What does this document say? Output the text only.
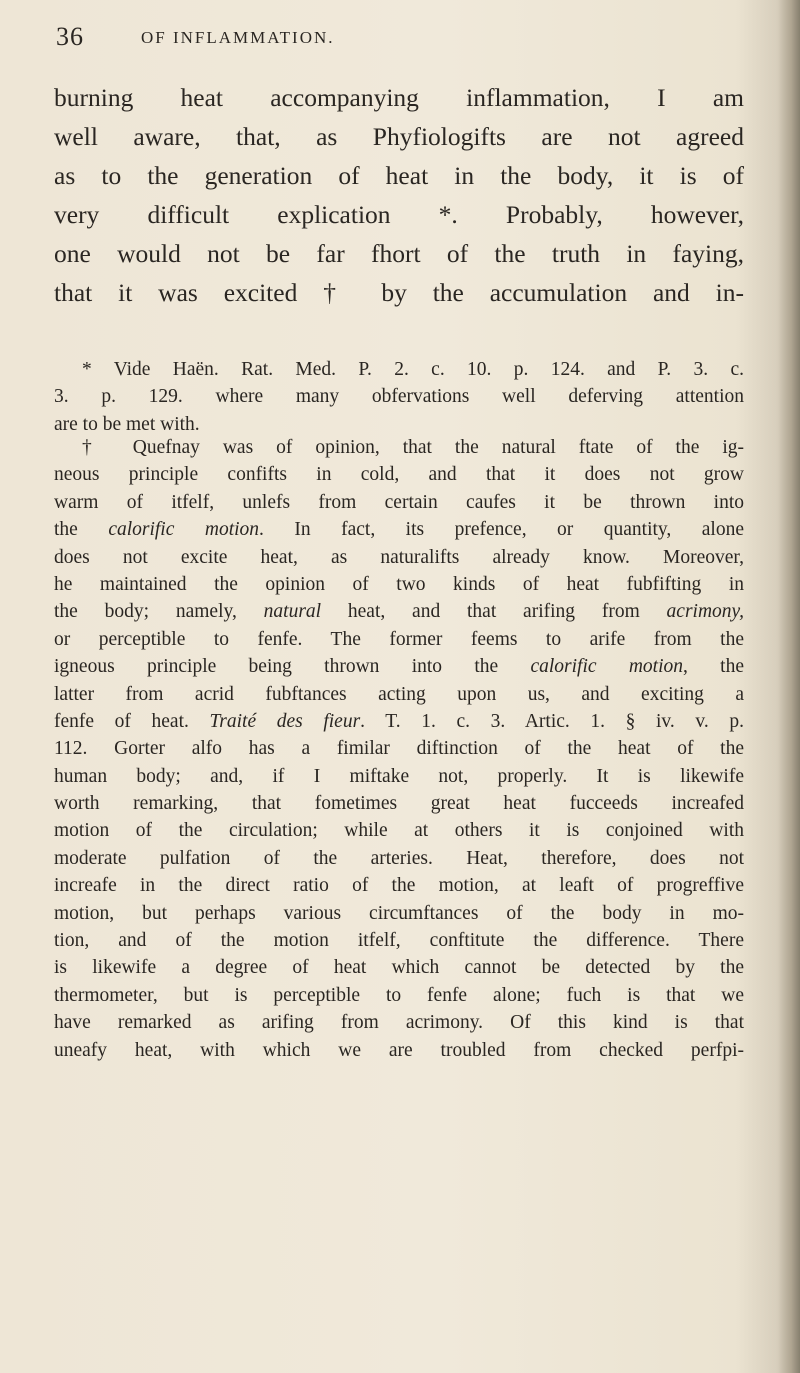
36	OF INFLAMMATION.
burning heat accompanying inflammation, I am
well aware, that, as Phyfiologifts are not agreed
as to the generation of heat in the body, it is of
very difficult explication *. Probably, however,
one would not be far fhort of the truth in faying,
that it was excited † by the accumulation and in-
* Vide Haën. Rat. Med. P. 2. c. 10. p. 124. and P. 3. c.
3. p. 129. where many obfervations well deferving attention
are to be met with.
† Quefnay was of opinion, that the natural ftate of the ig-
neous principle confifts in cold, and that it does not grow
warm of itfelf, unlefs from certain caufes it be thrown into
the calorific motion. In fact, its prefence, or quantity, alone
does not excite heat, as naturalifts already know. Moreover,
he maintained the opinion of two kinds of heat fubfifting in
the body; namely, natural heat, and that arifing from acrimony,
or perceptible to fenfe. The former feems to arife from the
igneous principle being thrown into the calorific motion, the
latter from acrid fubftances acting upon us, and exciting a
fenfe of heat. Traité des fieur. T. 1. c. 3. Artic. 1. § iv. v. p.
112. Gorter alfo has a fimilar diftinction of the heat of the
human body; and, if I miftake not, properly. It is likewife
worth remarking, that fometimes great heat fucceeds increafed
motion of the circulation; while at others it is conjoined with
moderate pulfation of the arteries. Heat, therefore, does not
increafe in the direct ratio of the motion, at leaft of progreffive
motion, but perhaps various circumftances of the body in mo-
tion, and of the motion itfelf, conftitute the difference. There
is likewife a degree of heat which cannot be detected by the
thermometer, but is perceptible to fenfe alone; fuch is that we
have remarked as arifing from acrimony. Of this kind is that
uneafy heat, with which we are troubled from checked perfpi-
